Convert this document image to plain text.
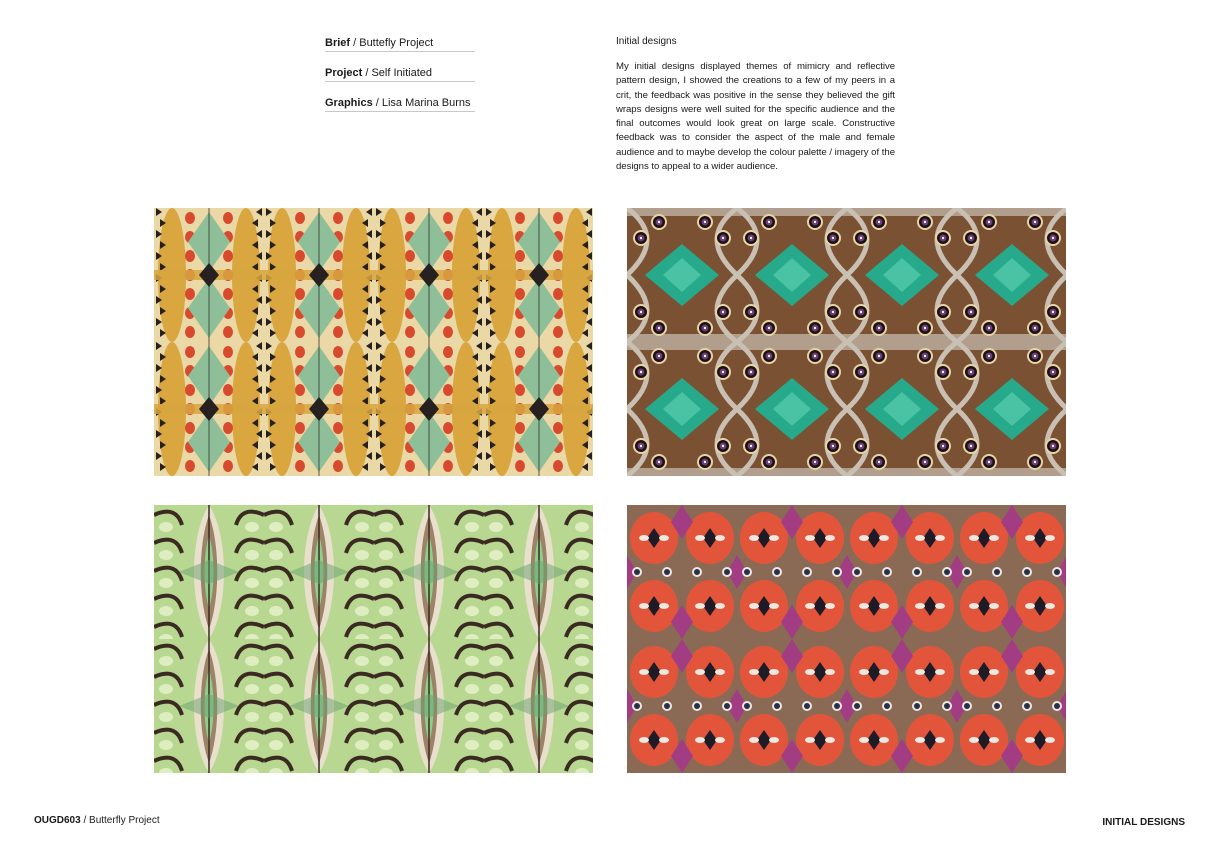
Brief / Buttefly Project
Project / Self Initiated
Graphics / Lisa Marina Burns

Initial designs

My initial designs displayed themes of mimicry and reflective pattern design, I showed the creations to a few of my peers in a crit, the feedback was positive in the sense they believed the gift wraps designs were well suited for the specific audience and the final outcomes would look great on large scale. Constructive feedback was to consider the aspect of the male and female audience and to maybe develop the colour palette / imagery of the designs to appeal to a wider audience.

OUGD603 / Butterfly Project	INITIAL DESIGNS
